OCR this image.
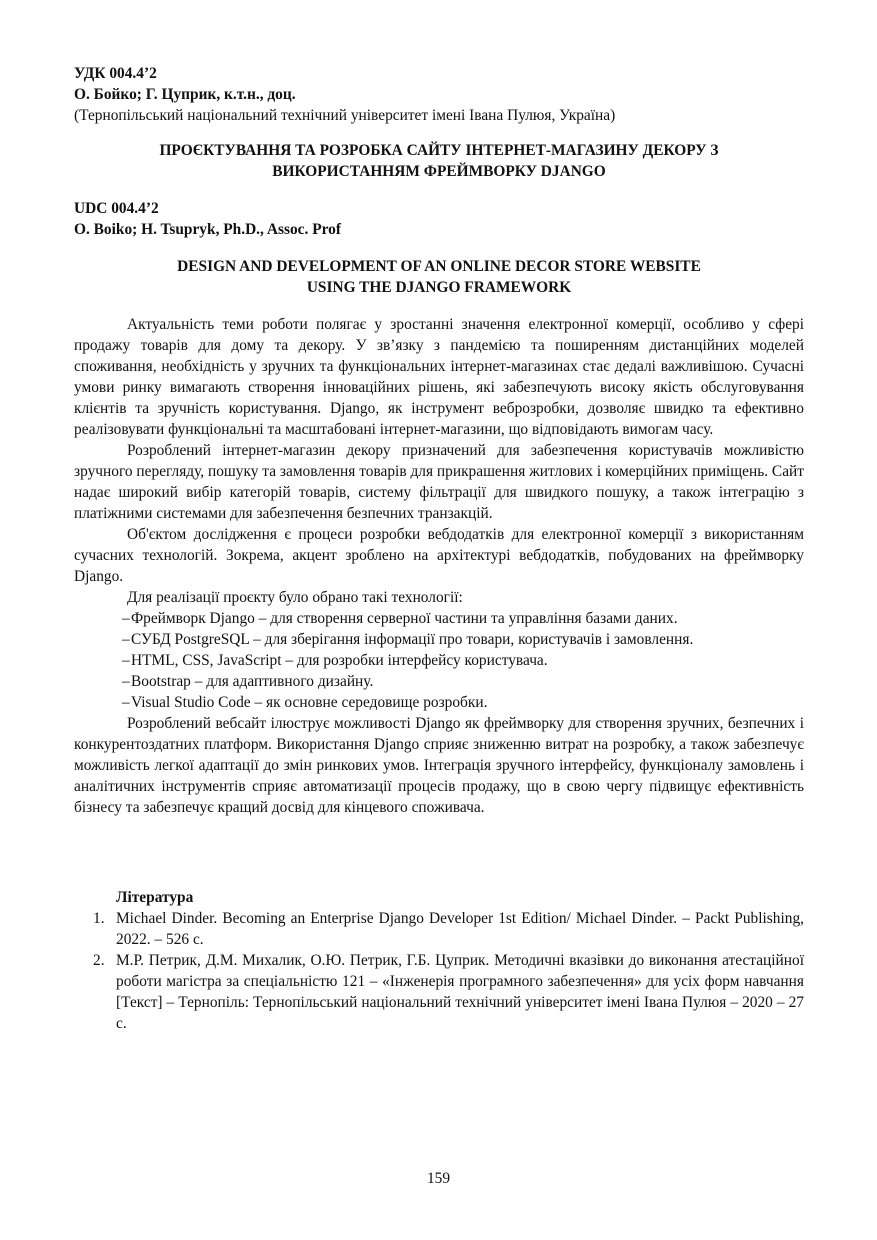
УДК 004.4’2

О. Бойко; Г. Цуприк, к.т.н., доц.

(Тернопільський національний технічний університет імені Івана Пулюя, Україна)

ПРОЄКТУВАННЯ ТА РОЗРОБКА САЙТУ ІНТЕРНЕТ-МАГАЗИНУ ДЕКОРУ З

ВИКОРИСТАННЯМ ФРЕЙМВОРКУ DJANGO

UDC 004.4’2

O. Boiko; H. Tsupryk, Ph.D., Assoc. Prof

DESIGN AND DEVELOPMENT OF AN ONLINE DECOR STORE WEBSITE

USING THE DJANGO FRAMEWORK

Актуальність теми роботи полягає у зростанні значення електронної комерції, особливо у сфері продажу товарів для дому та декору. У зв’язку з пандемією та поширенням дистанційних моделей споживання, необхідність у зручних та функціональних інтернет-магазинах стає дедалі важливішою. Сучасні умови ринку вимагають створення інноваційних рішень, які забезпечують високу якість обслуговування клієнтів та зручність користування. Django, як інструмент веброзробки, дозволяє швидко та ефективно реалізовувати функціональні та масштабовані інтернет-магазини, що відповідають вимогам часу.

Розроблений інтернет-магазин декору призначений для забезпечення користувачів можливістю зручного перегляду, пошуку та замовлення товарів для прикрашення житлових і комерційних приміщень. Сайт надає широкий вибір категорій товарів, систему фільтрації для швидкого пошуку, а також інтеграцію з платіжними системами для забезпечення безпечних транзакцій.

Об'єктом дослідження є процеси розробки вебдодатків для електронної комерції з використанням сучасних технологій. Зокрема, акцент зроблено на архітектурі вебдодатків, побудованих на фреймворку Django.

Для реалізації проєкту було обрано такі технології:

– Фреймворк Django – для створення серверної частини та управління базами даних.
– СУБД PostgreSQL – для зберігання інформації про товари, користувачів і замовлення.
– HTML, CSS, JavaScript – для розробки інтерфейсу користувача.
– Bootstrap – для адаптивного дизайну.
– Visual Studio Code – як основне середовище розробки.

Розроблений вебсайт ілюструє можливості Django як фреймворку для створення зручних, безпечних і конкурентоздатних платформ. Використання Django сприяє зниженню витрат на розробку, а також забезпечує можливість легкої адаптації до змін ринкових умов. Інтеграція зручного інтерфейсу, функціоналу замовлень і аналітичних інструментів сприяє автоматизації процесів продажу, що в свою чергу підвищує ефективність бізнесу та забезпечує кращий досвід для кінцевого споживача.

Література

1. Michael Dinder. Becoming an Enterprise Django Developer 1st Edition/ Michael Dinder. – Packt Publishing, 2022. – 526 с.
2. М.Р. Петрик, Д.М. Михалик, О.Ю. Петрик, Г.Б. Цуприк. Методичні вказівки до виконання атестаційної роботи магістра за спеціальністю 121 – «Інженерія програмного забезпечення» для усіх форм навчання [Текст] – Тернопіль: Тернопільський національний технічний університет імені Івана Пулюя – 2020 – 27 с.
159
